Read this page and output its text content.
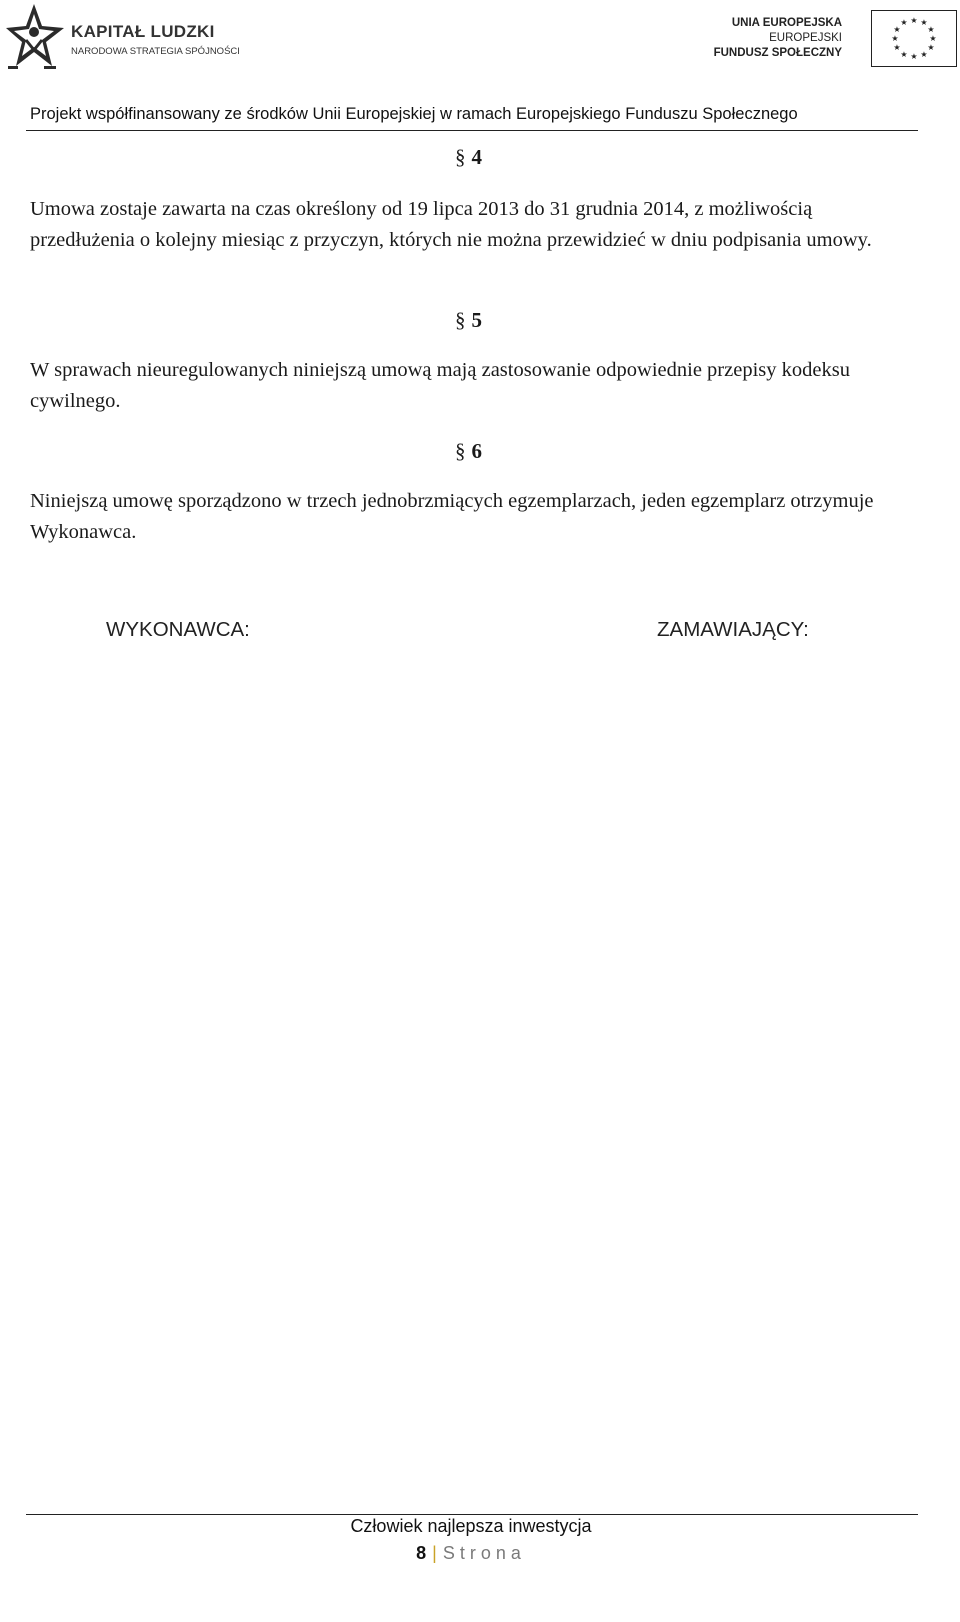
KAPITAŁ LUDZKI
NARODOWA STRATEGIA SPÓJNOŚCI
UNIA EUROPEJSKA
EUROPEJSKI
FUNDUSZ SPOŁECZNY
★ ★
★
★
★
★
★
★
★
★
★
★
Projekt współfinansowany ze środków Unii Europejskiej w ramach Europejskiego Funduszu Społecznego
§ 4
Umowa zostaje zawarta na czas określony od 19 lipca 2013 do 31 grudnia 2014, z możliwością przedłużenia o kolejny miesiąc z przyczyn, których nie można przewidzieć w dniu podpisania umowy.
§ 5
W sprawach nieuregulowanych niniejszą umową mają zastosowanie odpowiednie przepisy kodeksu cywilnego.
§ 6
Niniejszą umowę sporządzono w trzech jednobrzmiących egzemplarzach, jeden egzemplarz otrzymuje Wykonawca.
WYKONAWCA:	ZAMAWIAJĄCY:
Człowiek najlepsza inwestycja
8 | Strona
